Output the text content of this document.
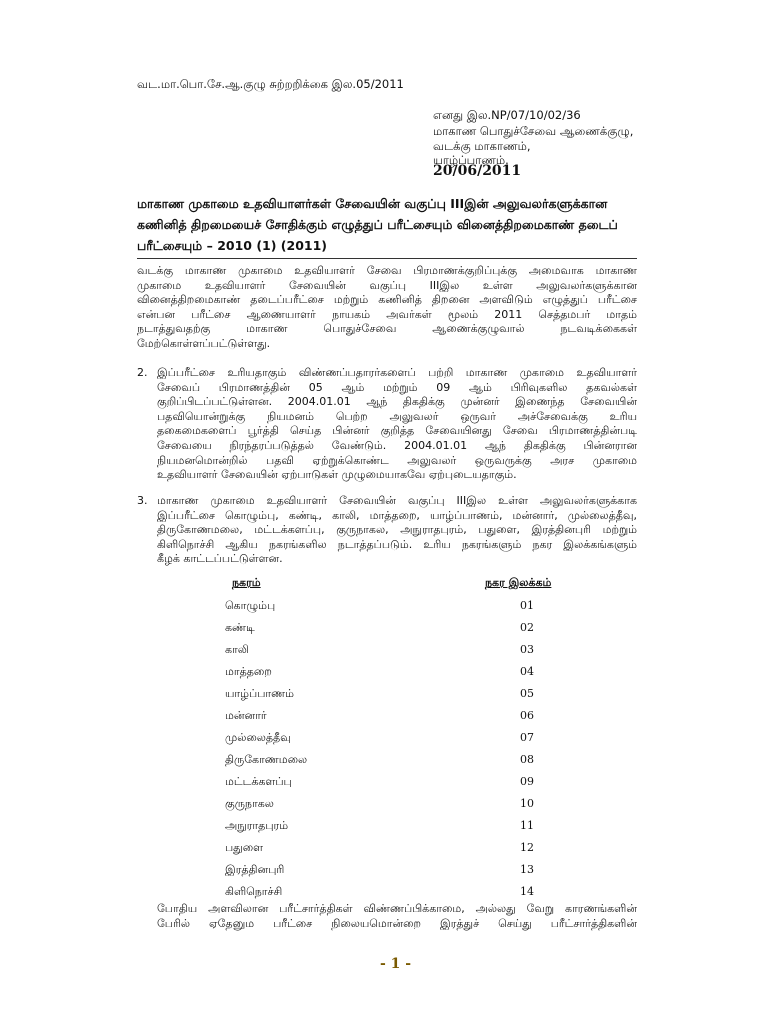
வட.மா.பொ.சே.ஆ.குழு சுற்றறிக்கை இல.05/2011
எனது இல.NP/07/10/02/36
மாகாண பொதுச்சேவை ஆணைக்குழு,
வடக்கு மாகாணம்,
யாழ்ப்பாணம்.
20/06/2011
மாகாண முகாமை உதவியாளர்கள் சேவையின் வகுப்பு IIIஇன் அலுவலர்களுக்கான
கணினித் திறமையைச் சோதிக்கும் எழுத்துப் பரீட்சையும் வினைத்திறமைகாண் தடைப்
பரீட்சையும் – 2010 (1) (2011)
வடக்கு மாகாண முகாமை உதவியாளர் சேவை பிரமாணக்குறிப்புக்கு அமைவாக மாகாண
முகாமை உதவியாளர் சேவையின் வகுப்பு IIIஇல உள்ள அலுவலர்களுக்கான
வினைத்திறமைகாண் தடைப்பரீட்சை மற்றும் கணினித் திறனை அளவிடும் எழுத்துப் பரீட்சை
என்பன பரீட்சை ஆணையாளர் நாயகம் அவர்கள் மூலம் 2011 செத்தமபர் மாதம்
நடாத்துவதற்கு மாகாண பொதுச்சேவை ஆணைக்குழுவால் நடவடிக்கைகள்
மேற்கொள்ளப்பட்டுள்ளது.
2. இப்பரீட்சை உரியதாகும் விண்ணப்பதாரர்களைப் பற்றி மாகாண முகாமை உதவியாளர்
சேவைப் பிரமாணத்தின் 05 ஆம் மற்றும் 09 ஆம் பிரிவுகளில தகவல்கள்
குறிப்பிடப்பட்டுள்ளன. 2004.01.01 ஆந் திகதிக்கு முன்னர் இணைந்த சேவையின்
பதவியொன்றுக்கு நியமனம் பெற்ற அலுவலர் ஒருவர் அச்சேவைக்கு உரிய
தகைமைகளைப் பூர்த்தி செய்த பின்னர் குறித்த சேவையினது சேவை பிரமாணத்தின்படி
சேவையை நிரந்தரப்படுத்தல் வேண்டும். 2004.01.01 ஆந் திகதிக்கு பின்னரான
நியமனமொன்றில் பதவி ஏற்றுக்கொண்ட அலுவலர் ஒருவருக்கு அரச முகாமை
உதவியாளர் சேவையின் ஏற்பாடுகள் முழுமையாகவே ஏற்புடையதாகும்.
3. மாகாண முகாமை உதவியாளர் சேவையின் வகுப்பு IIIஇல உள்ள அலுவலர்களுக்காக
இப்பரீட்சை கொழும்பு, கண்டி, காலி, மாத்தறை, யாழ்ப்பாணம், மன்னார், முல்லைத்தீவு,
திருகோணமலை, மட்டக்களப்பு, குருநாகல, அநுராதபுரம், பதுளை, இரத்தினபுரி மற்றும்
கிளிநொச்சி ஆகிய நகரங்களில நடாத்தப்படும். உரிய நகரங்களும் நகர இலக்கங்களும்
கீழக் காட்டப்பட்டுள்ளன.
நகரம்	நகர இலக்கம்
கொழும்பு	01
கண்டி	02
காலி	03
மாத்தறை	04
யாழ்ப்பாணம்	05
மன்னார்	06
முல்லைத்தீவு	07
திருகோணமலை	08
மட்டக்களப்பு	09
குருநாகல	10
அநுராதபுரம்	11
பதுளை	12
இரத்தினபுரி	13
கிளிநொச்சி	14
போதிய அளவிலான பரீட்சார்த்திகள் விண்ணப்பிக்காமை, அல்லது வேறு காரணங்களின்
பேரில் ஏதேனும பரீட்சை நிலையமொன்றை இரத்துச் செய்து பரீட்சார்த்திகளின்
- 1 -
